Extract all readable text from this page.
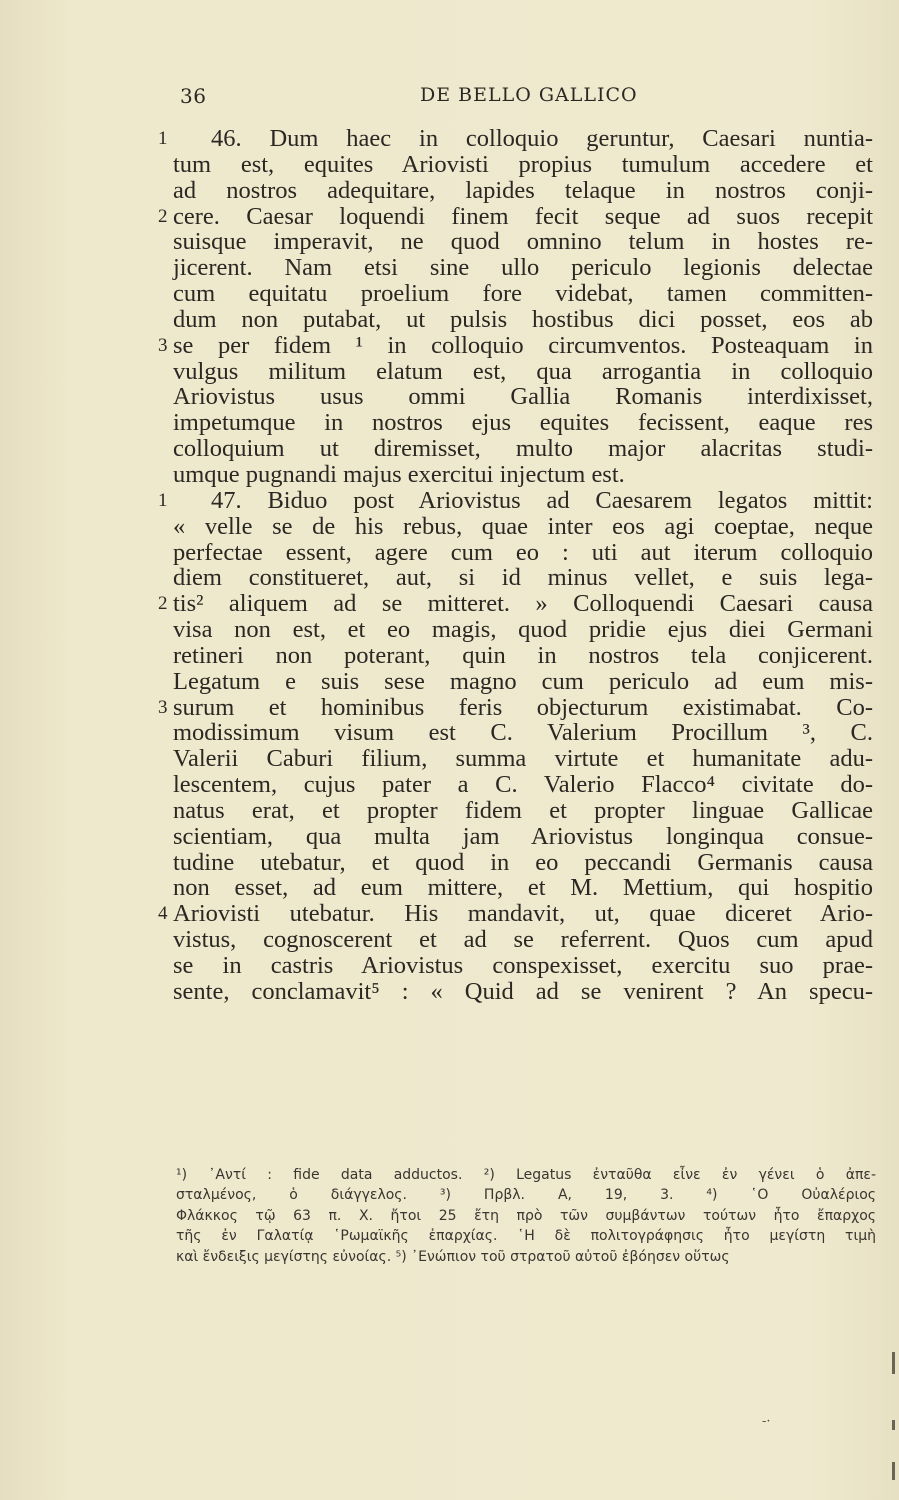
36	DE BELLO GALLICO
1 46. Dum haec in colloquio geruntur, Caesari nuntia-
tum est, equites Ariovisti propius tumulum accedere et
ad nostros adequitare, lapides telaque in nostros conji-
2 cere. Caesar loquendi finem fecit seque ad suos recepit
suisque imperavit, ne quod omnino telum in hostes re-
jicerent. Nam etsi sine ullo periculo legionis delectae
cum equitatu proelium fore videbat, tamen committen-
dum non putabat, ut pulsis hostibus dici posset, eos ab
3 se per fidem ¹ in colloquio circumventos. Posteaquam in
vulgus militum elatum est, qua arrogantia in colloquio
Ariovistus usus ommi Gallia Romanis interdixisset,
impetumque in nostros ejus equites fecissent, eaque res
colloquium ut diremisset, multo major alacritas studi-
umque pugnandi majus exercitui injectum est.
1 47. Biduo post Ariovistus ad Caesarem legatos mittit:
« velle se de his rebus, quae inter eos agi coeptae, neque
perfectae essent, agere cum eo : uti aut iterum colloquio
diem constitueret, aut, si id minus vellet, e suis lega-
2 tis² aliquem ad se mitteret. » Colloquendi Caesari causa
visa non est, et eo magis, quod pridie ejus diei Germani
retineri non poterant, quin in nostros tela conjicerent.
Legatum e suis sese magno cum periculo ad eum mis-
3 surum et hominibus feris objecturum existimabat. Co-
modissimum visum est C. Valerium Procillum ³, C.
Valerii Caburi filium, summa virtute et humanitate adu-
lescentem, cujus pater a C. Valerio Flacco⁴ civitate do-
natus erat, et propter fidem et propter linguae Gallicae
scientiam, qua multa jam Ariovistus longinqua consue-
tudine utebatur, et quod in eo peccandi Germanis causa
non esset, ad eum mittere, et M. Mettium, qui hospitio
4 Ariovisti utebatur. His mandavit, ut, quae diceret Ario-
vistus, cognoscerent et ad se referrent. Quos cum apud
se in castris Ariovistus conspexisset, exercitu suo prae-
sente, conclamavit⁵ : « Quid ad se venirent ? An specu-
¹) ᾽Αντί : fide data adductos. ²) Legatus ἐνταῦθα εἶνε ἐν γένει ὁ ἀπε-
σταλμένος, ὁ διάγγελος. ³) Πρβλ. A, 19, 3. ⁴) ῾Ο Οὐαλέριος
Φλάκκος τῷ 63 π. Χ. ἤτοι 25 ἔτη πρὸ τῶν συμβάντων τούτων ἦτο ἔπαρχος
τῆς ἐν Γαλατίᾳ ῾Ρωμαϊκῆς ἐπαρχίας. ῾Η δὲ πολιτογράφησις ἦτο μεγίστη τιμὴ
καὶ ἔνδειξις μεγίστης εὐνοίας. ⁵) ᾽Ενώπιον τοῦ στρατοῦ αὐτοῦ ἐβόησεν οὕτως
-·
